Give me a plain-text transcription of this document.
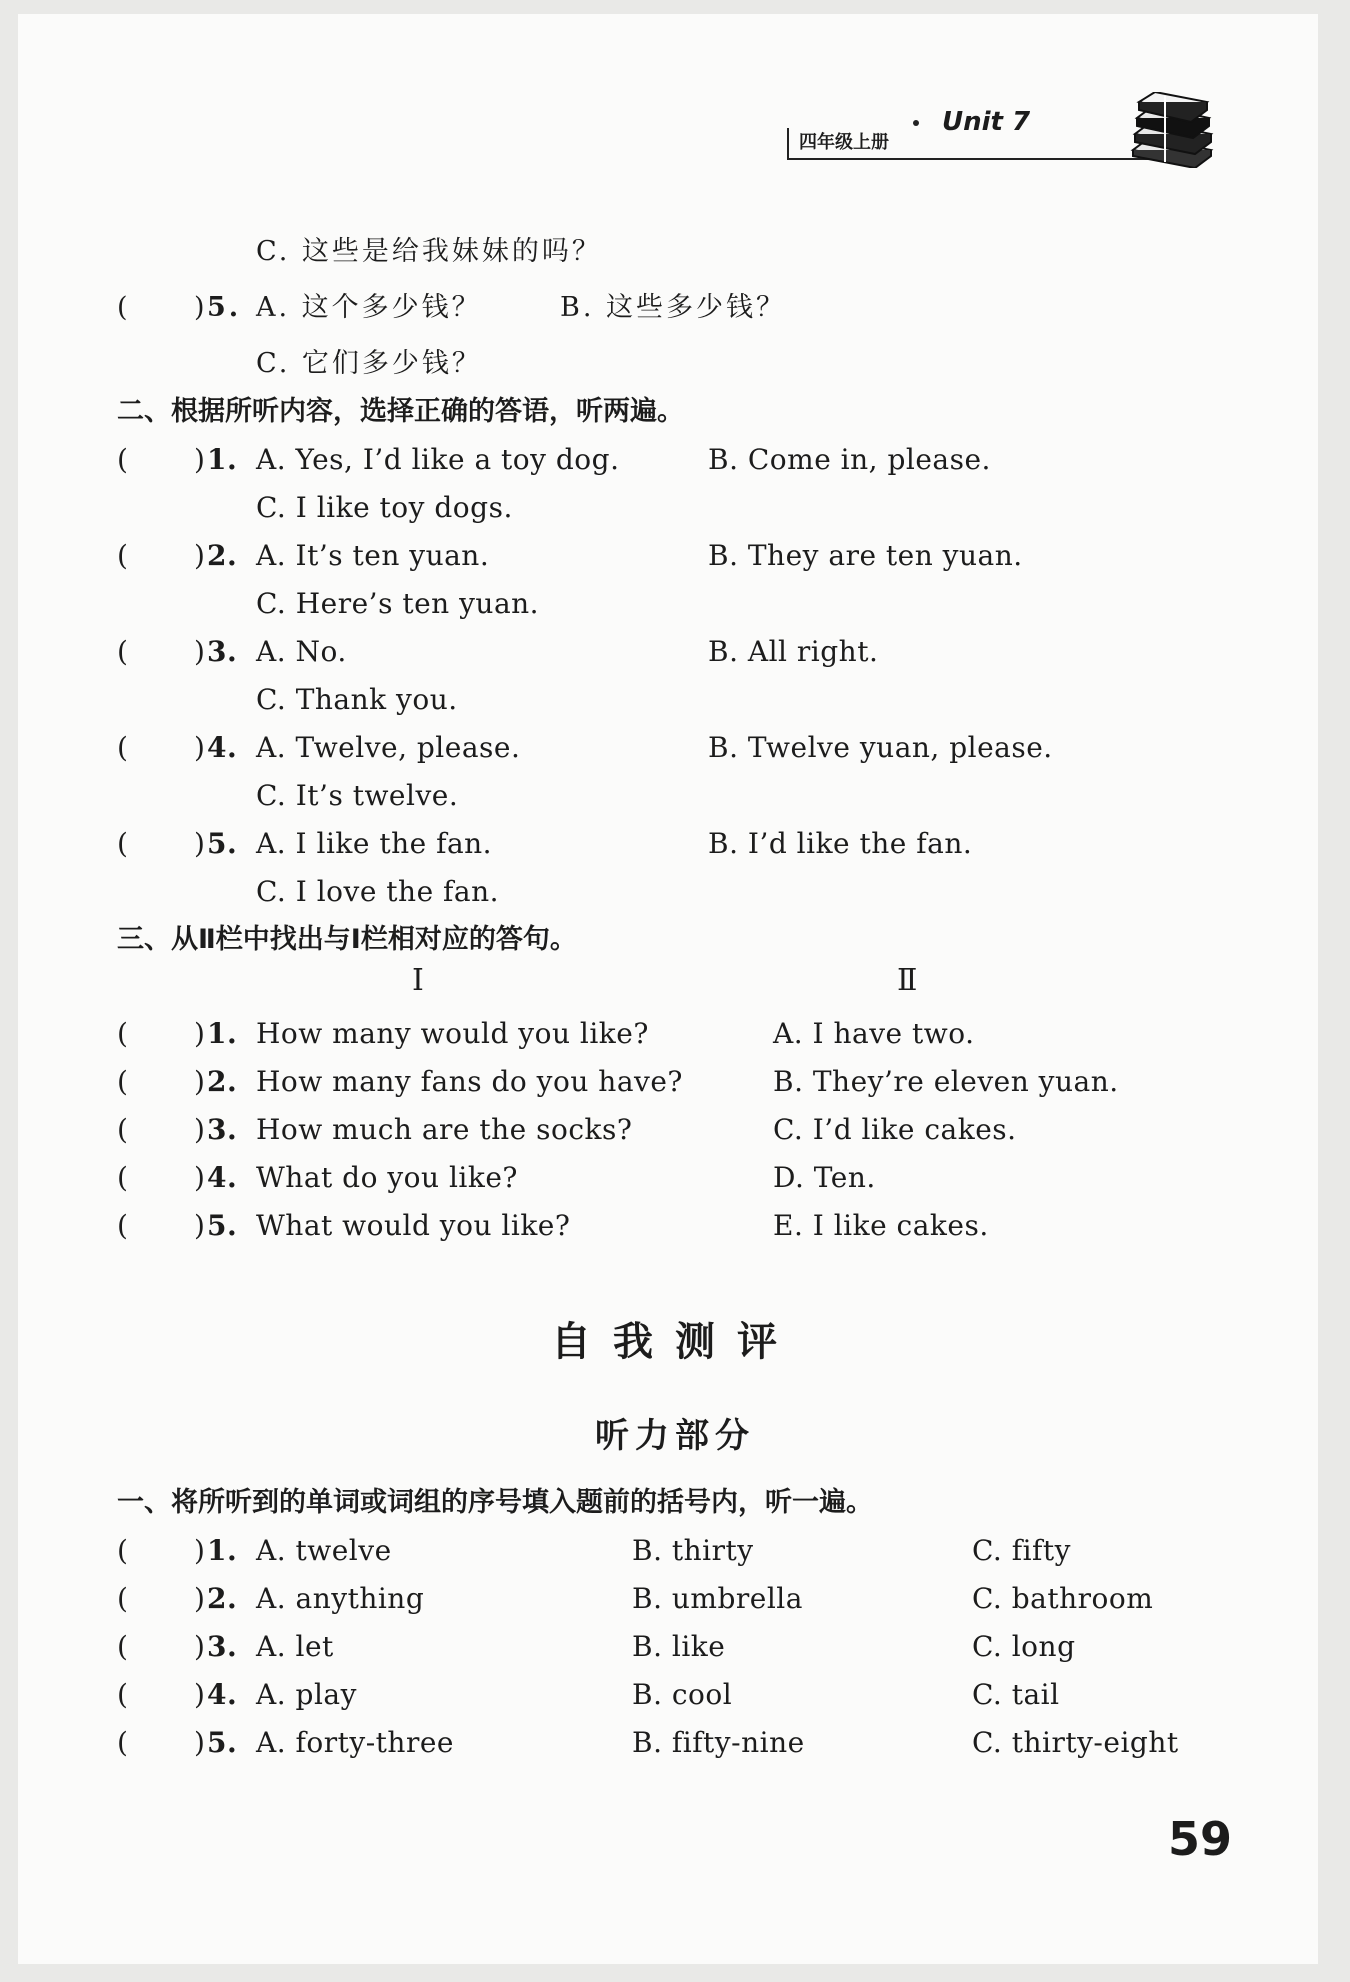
Unit 7
四年级上册
C. 这些是给我妹妹的吗？
( ) 5. A. 这个多少钱？	B. 这些多少钱？
C. 它们多少钱？
二、根据所听内容，选择正确的答语，听两遍。
( ) 1. A. Yes, I’d like a toy dog.	B. Come in, please.
C. I like toy dogs.
( ) 2. A. It’s ten yuan.	B. They are ten yuan.
C. Here’s ten yuan.
( ) 3. A. No.	B. All right.
C. Thank you.
( ) 4. A. Twelve, please.	B. Twelve yuan, please.
C. It’s twelve.
( ) 5. A. I like the fan.	B. I’d like the fan.
C. I love the fan.
三、从Ⅱ栏中找出与Ⅰ栏相对应的答句。
Ⅰ	Ⅱ
( ) 1. How many would you like?	A. I have two.
( ) 2. How many fans do you have?	B. They’re eleven yuan.
( ) 3. How much are the socks?	C. I’d like cakes.
( ) 4. What do you like?	D. Ten.
( ) 5. What would you like?	E. I like cakes.
自我测评
听力部分
一、将所听到的单词或词组的序号填入题前的括号内，听一遍。
( ) 1. A. twelve	B. thirty	C. fifty
( ) 2. A. anything	B. umbrella	C. bathroom
( ) 3. A. let	B. like	C. long
( ) 4. A. play	B. cool	C. tail
( ) 5. A. forty-three	B. fifty-nine	C. thirty-eight
59
